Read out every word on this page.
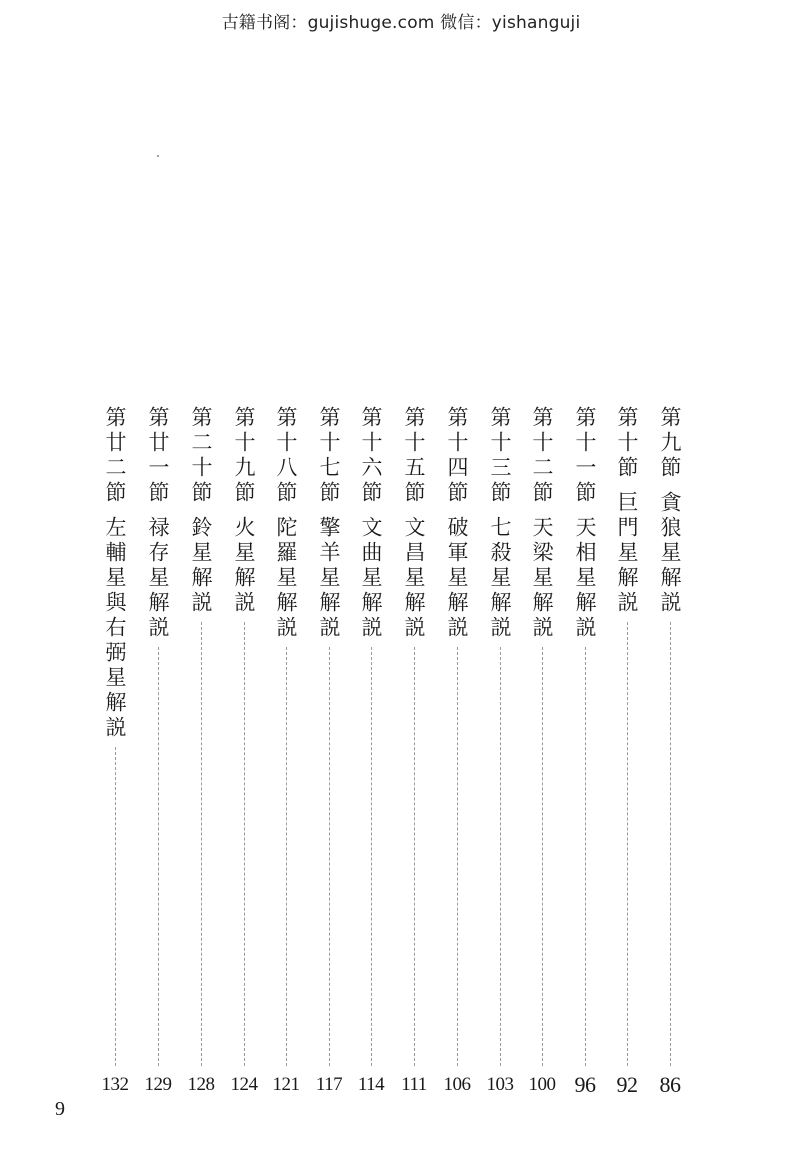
古籍书阁：gujishuge.com 微信：yishanguji
第九節
貪狼星解説
86
第十節
巨門星解説
92
第十一節
天相星解説
96
第十二節
天梁星解説
100
第十三節
七殺星解説
103
第十四節
破軍星解説
106
第十五節
文昌星解説
111
第十六節
文曲星解説
114
第十七節
擎羊星解説
117
第十八節
陀羅星解説
121
第十九節
火星解説
124
第二十節
鈴星解説
128
第廿一節
禄存星解説
129
第廿二節
左輔星與右弼星解説
132
9
